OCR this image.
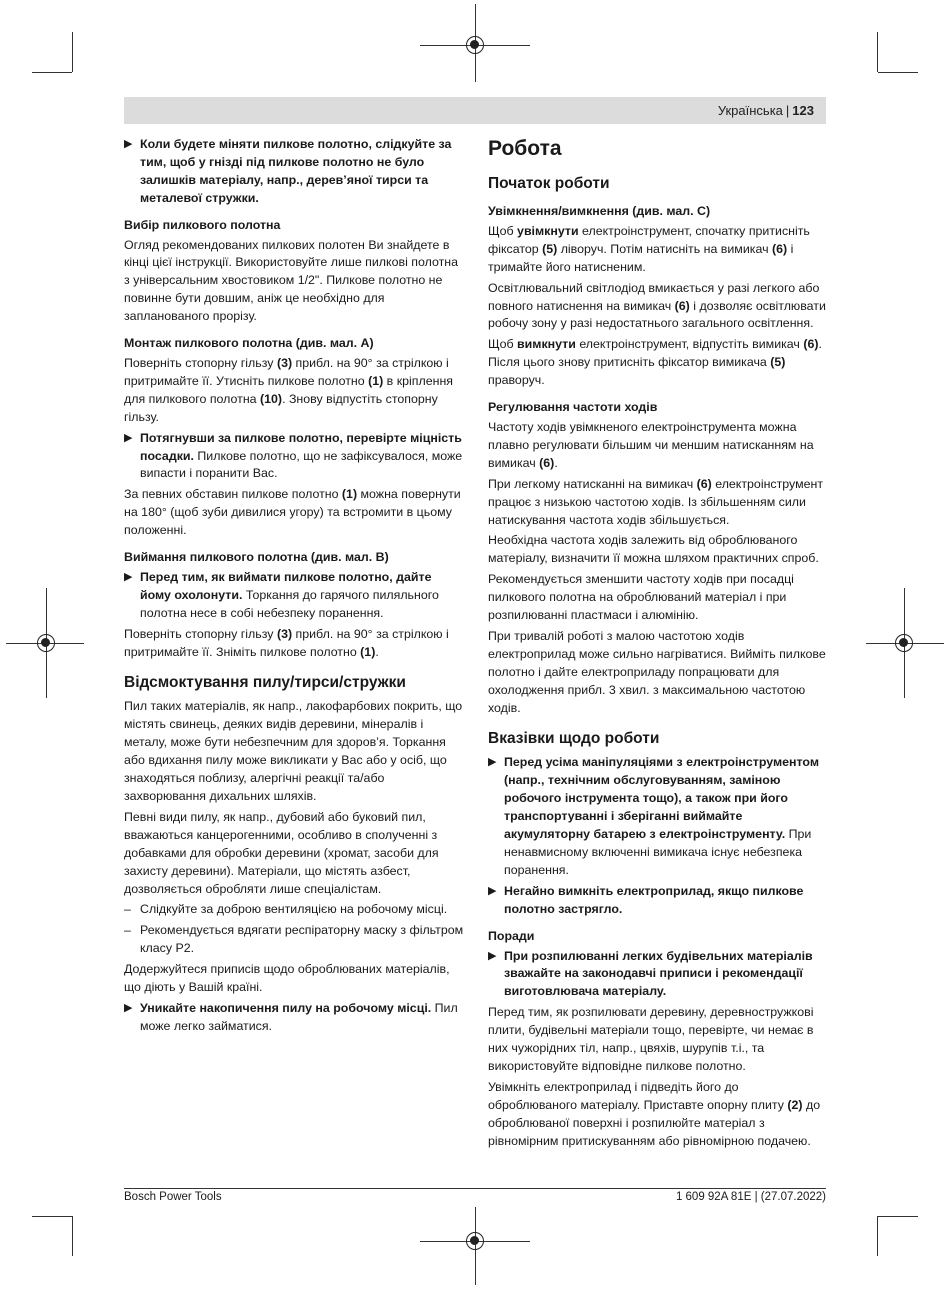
Українська | 123
▶ Коли будете міняти пилкове полотно, слідкуйте за тим, щоб у гнізді під пилкове полотно не було залишків матеріалу, напр., дерев’яної тирси та металевої стружки.
Вибір пилкового полотна

Огляд рекомендованих пилкових полотен Ви знайдете в кінці цієї інструкції. Використовуйте лише пилкові полотна з універсальним хвостовиком 1/2". Пилкове полотно не повинне бути довшим, аніж це необхідно для запланованого прорізу.

Монтаж пилкового полотна (див. мал. A)

Поверніть стопорну гільзу (3) прибл. на 90° за стрілкою і притримайте її. Утисніть пилкове полотно (1) в кріплення для пилкового полотна (10). Знову відпустіть стопорну гільзу.

▶ Потягнувши за пилкове полотно, перевірте міцність посадки. Пилкове полотно, що не зафіксувалося, може випасти і поранити Вас.

За певних обставин пилкове полотно (1) можна повернути на 180° (щоб зуби дивилися угору) та встромити в цьому положенні.

Виймання пилкового полотна (див. мал. B)
▶ Перед тим, як виймати пилкове полотно, дайте йому охолонути. Торкання до гарячого пиляльного полотна несе в собі небезпеку поранення.

Поверніть стопорну гільзу (3) прибл. на 90° за стрілкою і притримайте її. Зніміть пилкове полотно (1).

Відсмоктування пилу/тирси/стружки

Пил таких матеріалів, як напр., лакофарбових покрить, що містять свинець, деяких видів деревини, мінералів і металу, може бути небезпечним для здоров’я. Торкання або вдихання пилу може викликати у Вас або у осіб, що знаходяться поблизу, алергічні реакції та/або захворювання дихальних шляхів.

Певні види пилу, як напр., дубовий або буковий пил, вважаються канцерогенними, особливо в сполученні з добавками для обробки деревини (хромат, засоби для захисту деревини). Матеріали, що містять азбест, дозволяється обробляти лише спеціалістам.

– Слідкуйте за доброю вентиляцією на робочому місці.
– Рекомендується вдягати респіраторну маску з фільтром класу P2.

Додержуйтеся приписів щодо оброблюваних матеріалів, що діють у Вашій країні.

▶ Уникайте накопичення пилу на робочому місці. Пил може легко займатися.
Робота
Початок роботи
Увімкнення/вимкнення (див. мал. C)

Щоб увімкнути електроінструмент, спочатку притисніть фіксатор (5) ліворуч. Потім натисніть на вимикач (6) і тримайте його натисненим.

Освітлювальний світлодіод вмикається у разі легкого або повного натиснення на вимикач (6) і дозволяє освітлювати робочу зону у разі недостатнього загального освітлення.

Щоб вимкнути електроінструмент, відпустіть вимикач (6). Після цього знову притисніть фіксатор вимикача (5) праворуч.

Регулювання частоти ходів

Частоту ходів увімкненого електроінструмента можна плавно регулювати більшим чи меншим натисканням на вимикач (6).

При легкому натисканні на вимикач (6) електроінструмент працює з низькою частотою ходів. Із збільшенням сили натискування частота ходів збільшується.

Необхідна частота ходів залежить від оброблюваного матеріалу, визначити її можна шляхом практичних спроб.

Рекомендується зменшити частоту ходів при посадці пилкового полотна на оброблюваний матеріал і при розпилюванні пластмаси і алюмінію.

При тривалій роботі з малою частотою ходів електроприлад може сильно нагріватися. Вийміть пилкове полотно і дайте електроприладу попрацювати для охолодження прибл. 3 хвил. з максимальною частотою ходів.

Вказівки щодо роботи
▶ Перед усіма маніпуляціями з електроінструментом (напр., технічним обслуговуванням, заміною робочого інструмента тощо), а також при його транспортуванні і зберіганні виймайте акумуляторну батарею з електроінструменту. При ненавмисному включенні вимикача існує небезпека поранення.
▶ Негайно вимкніть електроприлад, якщо пилкове полотно застрягло.
Поради
▶ При розпилюванні легких будівельних матеріалів зважайте на законодавчі приписи і рекомендації виготовлювача матеріалу.

Перед тим, як розпилювати деревину, деревностружкові плити, будівельні матеріали тощо, перевірте, чи немає в них чужорідних тіл, напр., цвяхів, шурупів т.і., та використовуйте відповідне пилкове полотно.

Увімкніть електроприлад і підведіть його до оброблюваного матеріалу. Приставте опорну плиту (2) до оброблюваної поверхні і розпилюйте матеріал з рівномірним притискуванням або рівномірною подачею.

Bosch Power Tools	1 609 92A 81E | (27.07.2022)
